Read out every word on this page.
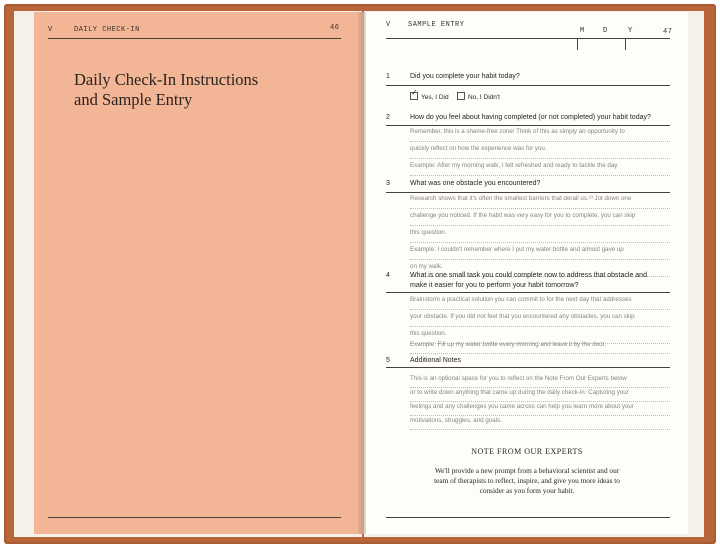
V	DAILY CHECK-IN	46
Daily Check-In Instructions
and Sample Entry
V SAMPLE ENTRY
M	D	Y	47
1	Did you complete your habit today?
✓Yes, I Did	No, I Didn't
2	How do you feel about having completed (or not completed) your habit today?
Remember, this is a shame-free zone! Think of this as simply an opportunity to
quickly reflect on how the experience was for you.
Example: After my morning walk, I felt refreshed and ready to tackle the day.
3	What was one obstacle you encountered?
Research shows that it's often the smallest barriers that derail us.²³ Jot down one
challenge you noticed. If the habit was very easy for you to complete, you can skip
this question.
Example: I couldn't remember where I put my water bottle and almost gave up
on my walk.
4	What is one small task you could complete now to address that obstacle and
make it easier for you to perform your habit tomorrow?
Brainstorm a practical solution you can commit to for the next day that addresses
your obstacle. If you did not feel that you encountered any obstacles, you can skip
this question.
Example: Fill up my water bottle every morning and leave it by the door.
5	Additional Notes
This is an optional space for you to reflect on the Note From Our Experts below
or to write down anything that came up during the daily check-in. Capturing your
feelings and any challenges you came across can help you learn more about your
motivations, struggles, and goals.
NOTE FROM OUR EXPERTS
We'll provide a new prompt from a behavioral scientist and our
team of therapists to reflect, inspire, and give you more ideas to
consider as you form your habit.
